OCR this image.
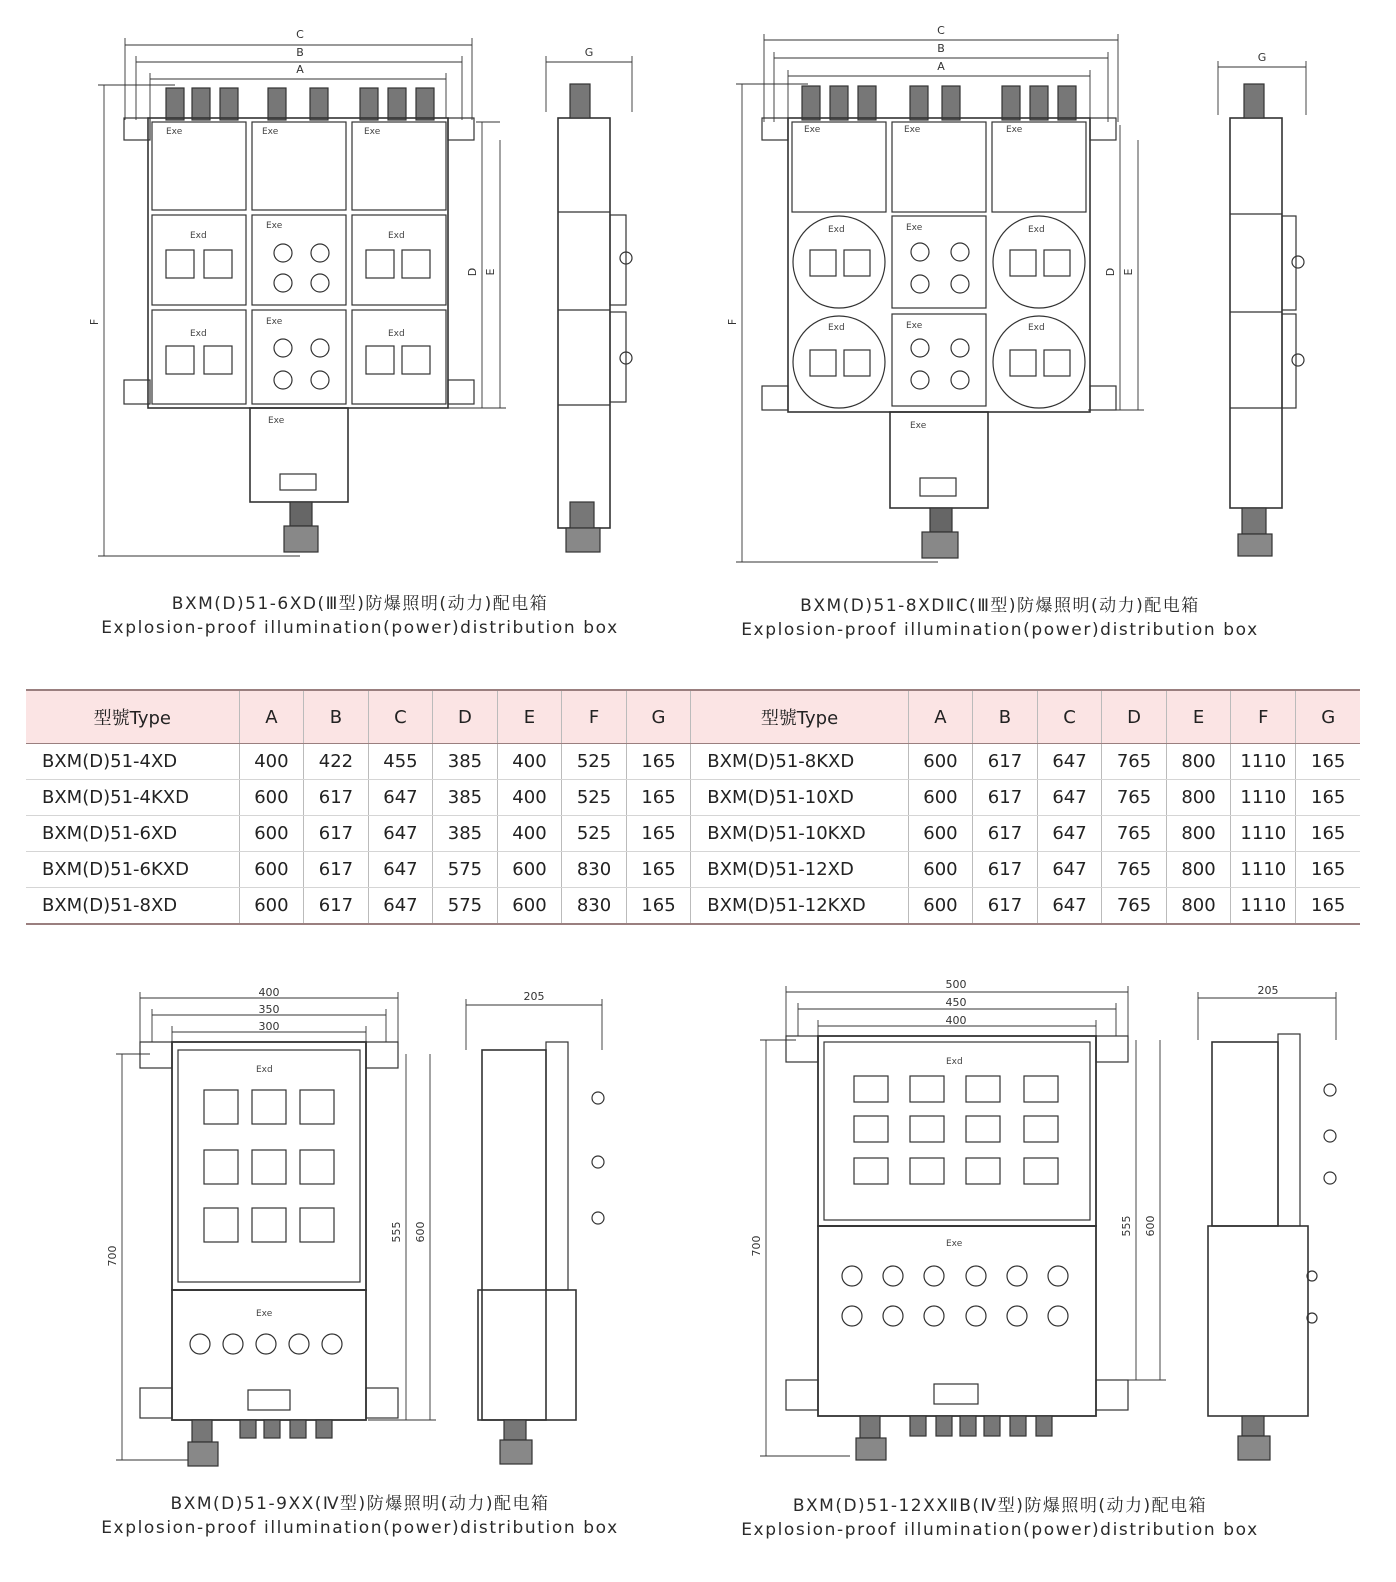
C
B
A
G
D E
F
Exe	Exe	Exe
Exd
Exe
Exd
Exd
Exe
Exd
Exe
BXM(D)51-6XD(Ⅲ型)防爆照明(动力)配电箱
Explosion-proof illumination(power)distribution box
C
B
A
G
D E
F
Exe	Exe	Exe
Exd	Exe	Exd
Exd	Exe	Exd
Exe
BXM(D)51-8XDⅡC(Ⅲ型)防爆照明(动力)配电箱
Explosion-proof illumination(power)distribution box
型號Type	A	B	C	D	E	F	G	型號Type	A	B	C	D	E	F	G
BXM(D)51-4XD	400	422	455	385	400	525	165	BXM(D)51-8KXD	600	617	647	765	800	1110	165
BXM(D)51-4KXD	600	617	647	385	400	525	165	BXM(D)51-10XD	600	617	647	765	800	1110	165
BXM(D)51-6XD	600	617	647	385	400	525	165	BXM(D)51-10KXD	600	617	647	765	800	1110	165
BXM(D)51-6KXD	600	617	647	575	600	830	165	BXM(D)51-12XD	600	617	647	765	800	1110	165
BXM(D)51-8XD	600	617	647	575	600	830	165	BXM(D)51-12KXD	600	617	647	765	800	1110	165
400
350
300
205
700
555 600
Exd
Exe
BXM(D)51-9XX(Ⅳ型)防爆照明(动力)配电箱
Explosion-proof illumination(power)distribution box
500
450
400
205
700
555 600
Exd
Exe
BXM(D)51-12XXⅡB(Ⅳ型)防爆照明(动力)配电箱
Explosion-proof illumination(power)distribution box
